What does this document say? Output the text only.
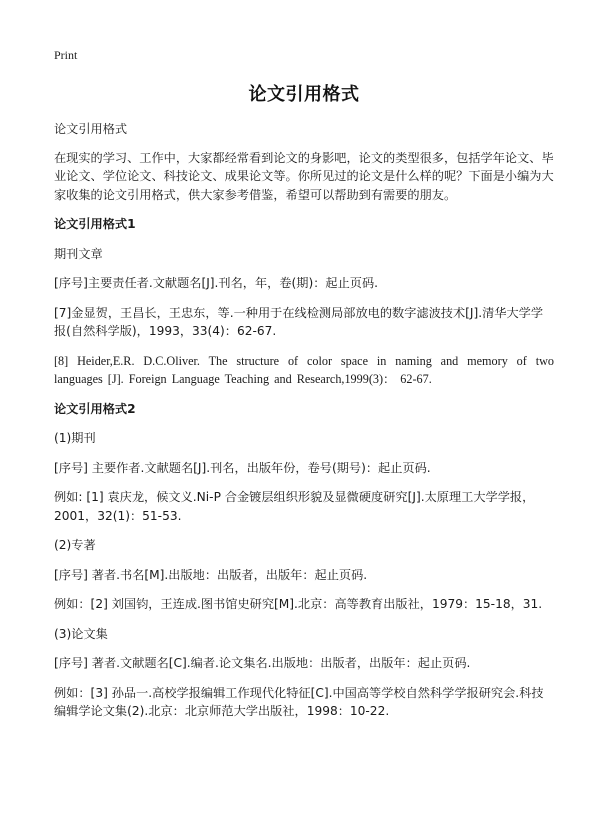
Print
论文引用格式

论文引用格式

在现实的学习、工作中，大家都经常看到论文的身影吧，论文的类型很多，包括学年论文、毕业论文、学位论文、科技论文、成果论文等。你所见过的论文是什么样的呢？下面是小编为大家收集的论文引用格式，供大家参考借鉴，希望可以帮助到有需要的朋友。

论文引用格式1

期刊文章

[序号]主要责任者.文献题名[J].刊名，年，卷(期)：起止页码.

[7]金显贺，王昌长，王忠东，等.一种用于在线检测局部放电的数字滤波技术[J].清华大学学报(自然科学版)，1993，33(4)：62-67.

[8] Heider,E.R. D.C.Oliver. The structure of color space in naming and memory of two languages [J]. Foreign Language Teaching and Research,1999(3)： 62-67.

论文引用格式2

(1)期刊

[序号] 主要作者.文献题名[J].刊名，出版年份，卷号(期号)：起止页码.

例如: [1] 袁庆龙，候文义.Ni-P 合金镀层组织形貌及显微硬度研究[J].太原理工大学学报，2001，32(1)：51-53.

(2)专著

[序号] 著者.书名[M].出版地：出版者，出版年：起止页码.

例如：[2] 刘国钧，王连成.图书馆史研究[M].北京：高等教育出版社，1979：15-18，31.

(3)论文集

[序号] 著者.文献题名[C].编者.论文集名.出版地：出版者，出版年：起止页码.

例如：[3] 孙品一.高校学报编辑工作现代化特征[C].中国高等学校自然科学学报研究会.科技编辑学论文集(2).北京：北京师范大学出版社，1998：10-22.
